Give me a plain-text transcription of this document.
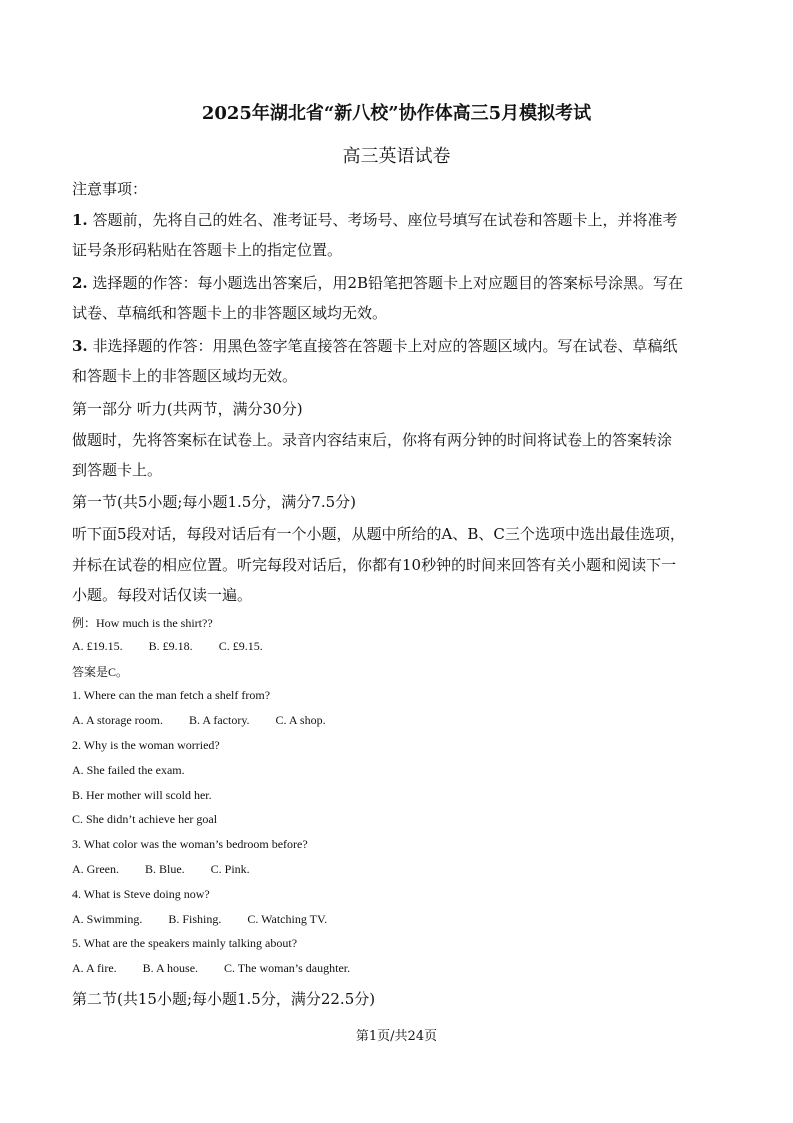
2025年湖北省“新八校”协作体高三5月模拟考试
高三英语试卷
注意事项：
1. 答题前，先将自己的姓名、准考证号、考场号、座位号填写在试卷和答题卡上，并将准考
证号条形码粘贴在答题卡上的指定位置。
2. 选择题的作答：每小题选出答案后，用2B铅笔把答题卡上对应题目的答案标号涂黑。写在
试卷、草稿纸和答题卡上的非答题区域均无效。
3. 非选择题的作答：用黑色签字笔直接答在答题卡上对应的答题区域内。写在试卷、草稿纸
和答题卡上的非答题区域均无效。
第一部分 听力(共两节，满分30分)
做题时，先将答案标在试卷上。录音内容结束后，你将有两分钟的时间将试卷上的答案转涂
到答题卡上。
第一节(共5小题;每小题1.5分，满分7.5分)
听下面5段对话，每段对话后有一个小题，从题中所给的A、B、C三个选项中选出最佳选项，
并标在试卷的相应位置。听完每段对话后，你都有10秒钟的时间来回答有关小题和阅读下一
小题。每段对话仅读一遍。
例：How much is the shirt??
A. £19.15. B. £9.18. C. £9.15.
答案是C。
1. Where can the man fetch a shelf from?
A. A storage room. B. A factory. C. A shop.
2. Why is the woman worried?
A. She failed the exam.
B. Her mother will scold her.
C. She didn’t achieve her goal
3. What color was the woman’s bedroom before?
A. Green. B. Blue. C. Pink.
4. What is Steve doing now?
A. Swimming. B. Fishing. C. Watching TV.
5. What are the speakers mainly talking about?
A. A fire. B. A house. C. The woman’s daughter.
第二节(共15小题;每小题1.5分，满分22.5分)
第1页/共24页
